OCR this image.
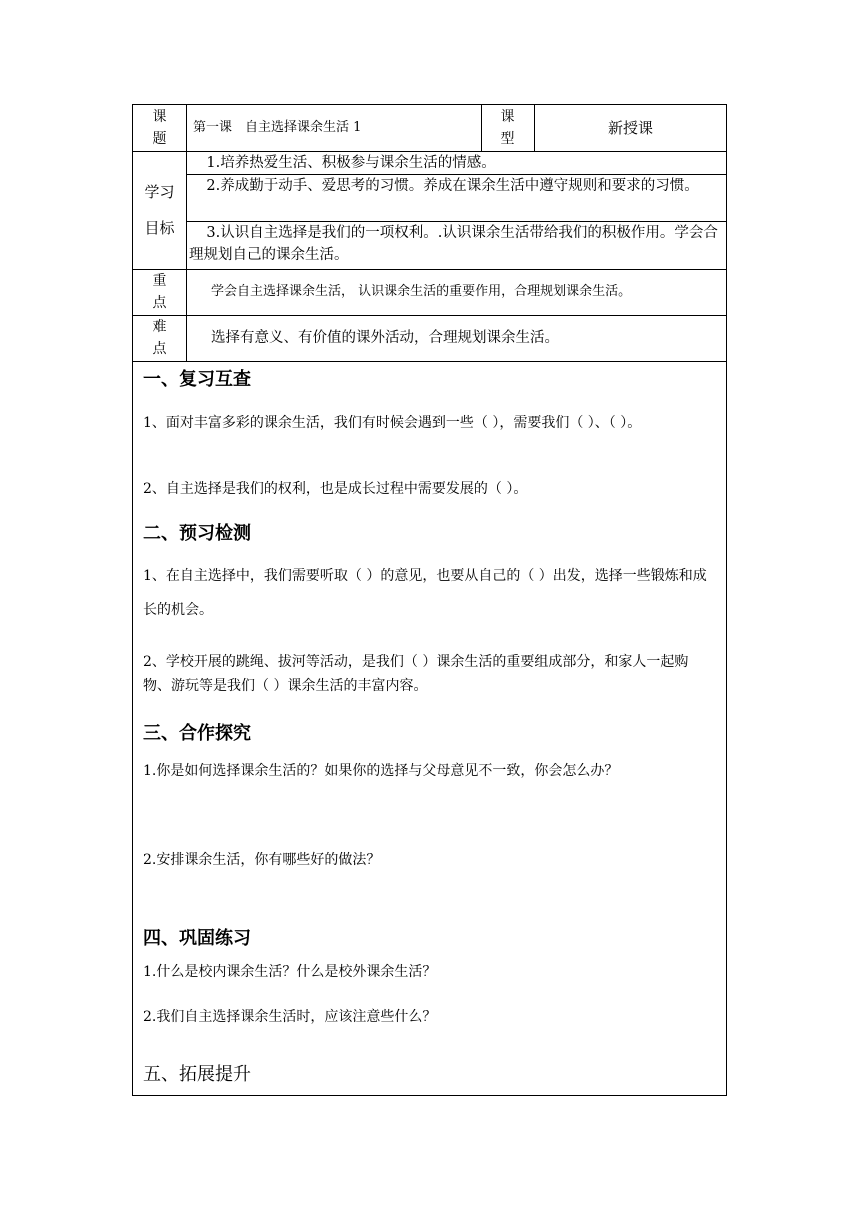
课
题
第一课　自主选择课余生活 1
课
型
新授课
学习
目标
1.培养热爱生活、积极参与课余生活的情感。
2.养成勤于动手、爱思考的习惯。养成在课余生活中遵守规则和要求的习惯。
3.认识自主选择是我们的一项权利。.认识课余生活带给我们的积极作用。学会合理规划自己的课余生活。
重
点
学会自主选择课余生活， 认识课余生活的重要作用，合理规划课余生活。
难
点
选择有意义、有价值的课外活动，合理规划课余生活。
一、复习互查
1、面对丰富多彩的课余生活，我们有时候会遇到一些（ ），需要我们（ ）、（ ）。
2、自主选择是我们的权利，也是成长过程中需要发展的（ ）。
二、预习检测
1、在自主选择中，我们需要听取（ ）的意见，也要从自己的（ ）出发，选择一些锻炼和成长的机会。
2、学校开展的跳绳、拔河等活动，是我们（ ）课余生活的重要组成部分，和家人一起购物、游玩等是我们（ ）课余生活的丰富内容。
三、合作探究
1.你是如何选择课余生活的？如果你的选择与父母意见不一致，你会怎么办？
2.安排课余生活，你有哪些好的做法？
四、巩固练习
1.什么是校内课余生活？什么是校外课余生活？
2.我们自主选择课余生活时，应该注意些什么？
五、拓展提升
